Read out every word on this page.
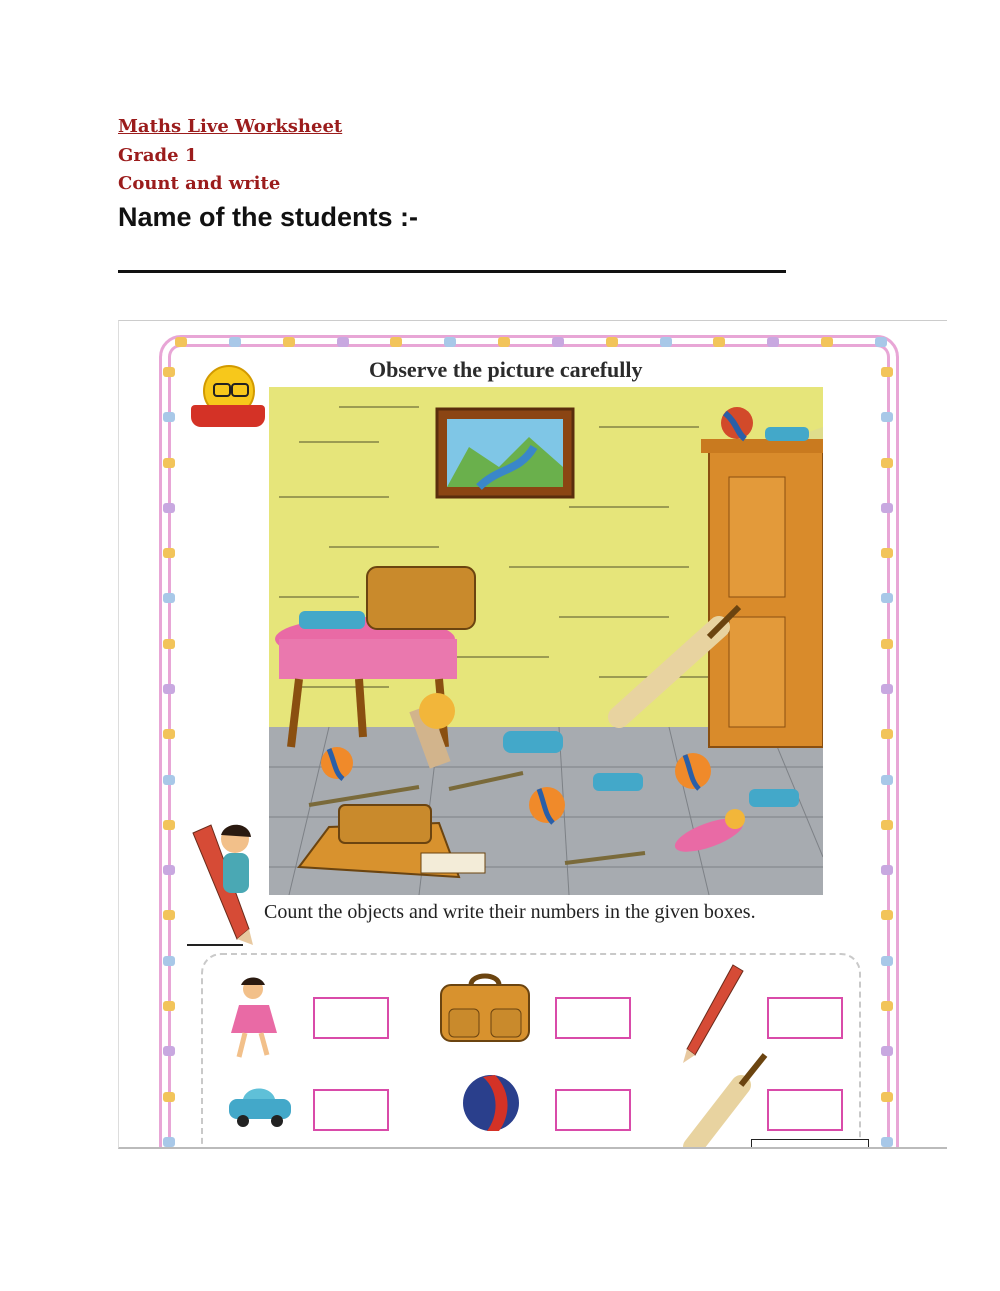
Maths Live Worksheet
Grade 1
Count and write
Name of the students :-
Observe the picture carefully
Count the objects and write their numbers in the given boxes.
